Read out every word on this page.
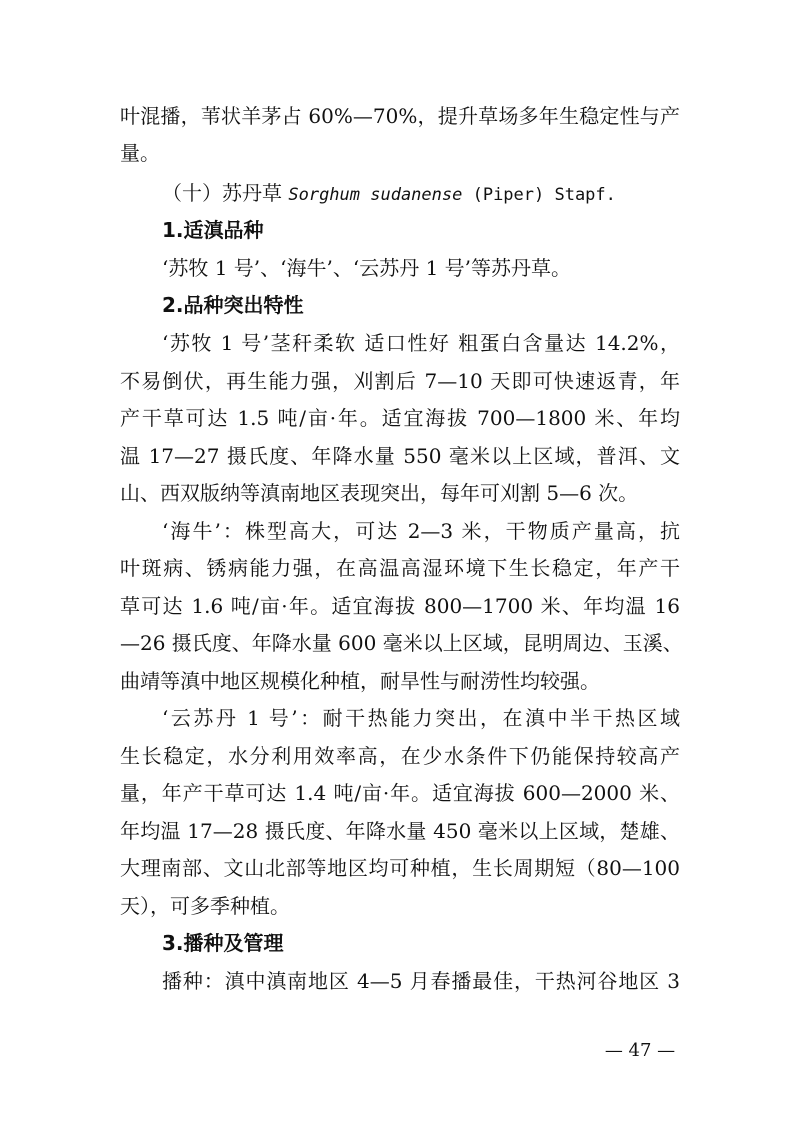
叶混播，苇状羊茅占 60%—70%，提升草场多年生稳定性与产
量。
（十）苏丹草 Sorghum sudanense (Piper) Stapf.
1.适滇品种
‘苏牧 1 号’、‘海牛’、‘云苏丹 1 号’等苏丹草。
2.品种突出特性
‘苏牧 1 号’茎秆柔软 适口性好 粗蛋白含量达 14.2%，
不易倒伏，再生能力强，刈割后 7—10 天即可快速返青，年
产干草可达 1.5 吨/亩·年。适宜海拔 700—1800 米、年均
温 17—27 摄氏度、年降水量 550 毫米以上区域，普洱、文
山、西双版纳等滇南地区表现突出，每年可刈割 5—6 次。
‘海牛’：株型高大，可达 2—3 米，干物质产量高，抗
叶斑病、锈病能力强，在高温高湿环境下生长稳定，年产干
草可达 1.6 吨/亩·年。适宜海拔 800—1700 米、年均温 16
—26 摄氏度、年降水量 600 毫米以上区域，昆明周边、玉溪、
曲靖等滇中地区规模化种植，耐旱性与耐涝性均较强。
‘云苏丹 1 号’：耐干热能力突出，在滇中半干热区域
生长稳定，水分利用效率高，在少水条件下仍能保持较高产
量，年产干草可达 1.4 吨/亩·年。适宜海拔 600—2000 米、
年均温 17—28 摄氏度、年降水量 450 毫米以上区域，楚雄、
大理南部、文山北部等地区均可种植，生长周期短（80—100
天），可多季种植。
3.播种及管理
播种：滇中滇南地区 4—5 月春播最佳，干热河谷地区 3
— 47 —
